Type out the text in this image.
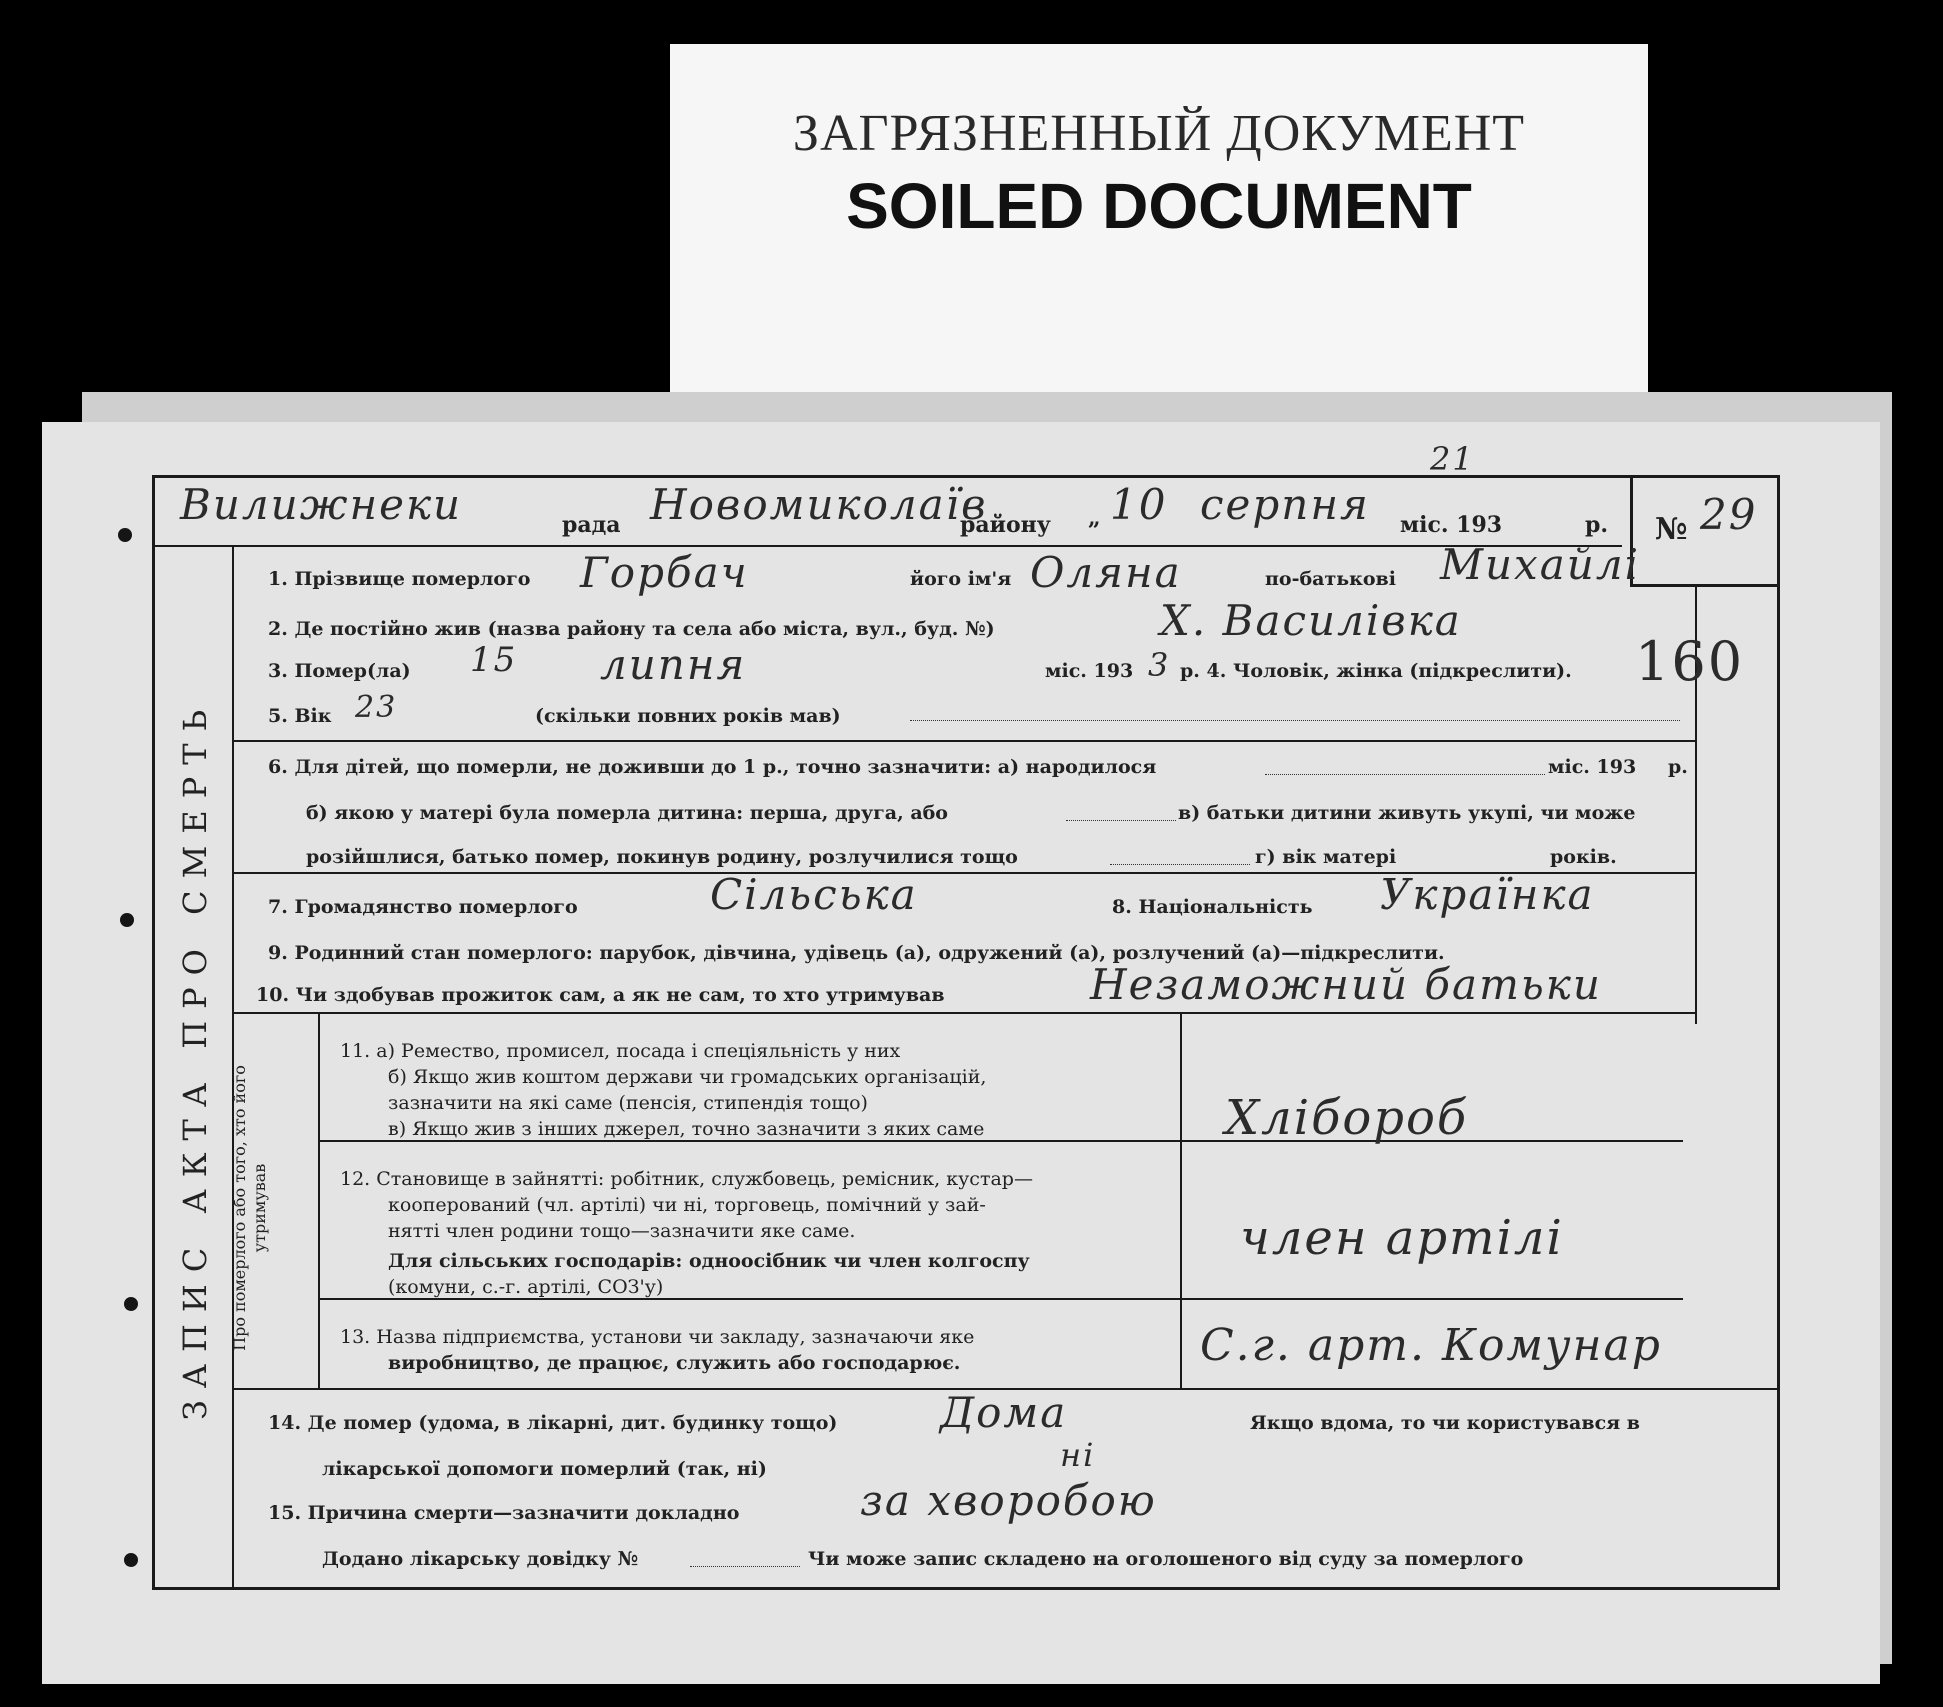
ЗАГРЯЗНЕННЫЙ ДОКУМЕНТ
SOILED DOCUMENT
ЗАПИС АКТА ПРО СМЕРТЬ Про померлого або того, хто його утримував
Вилижнеки	рада Новомиколаїв
району „ 10 серпня
21
міс. 193	р. № 29
1. Прізвище померлого Горбач	його ім'я Оляна	по-батькові Михайлі
2. Де постійно жив (назва району та села або міста, вул., буд. №)	Х. Василівка
3. Помер(ла) 15 липня	міс. 193 3 р. 4. Чоловік, жінка (підкреслити). 160
5. Вік 23	(скільки повних років мав)
6. Для дітей, що померли, не доживши до 1 р., точно зазначити: а) народилося	міс. 193 р.
б) якою у матері була померла дитина: перша, друга, або	в) батьки дитини живуть укупі, чи може
розійшлися, батько помер, покинув родину, розлучилися тощо	г) вік матері	років.
7. Громадянство померлого	Сільська	8. Національність Українка
9. Родинний стан померлого: парубок, дівчина, удівець (а), одружений (а), розлучений (а)—підкреслити.
10. Чи здобував прожиток сам, а як не сам, то хто утримував	Незаможний батьки
11. а) Ремество, промисел, посада і спеціяльність у них
б) Якщо жив коштом держави чи громадських організацій,
зазначити на які саме (пенсія, стипендія тощо)
в) Якщо жив з інших джерел, точно зазначити з яких саме	Хлібороб
12. Становище в зайнятті: робітник, службовець, ремісник, кустар—
кооперований (чл. артілі) чи ні, торговець, помічний у зай-
нятті член родини тощо—зазначити яке саме.
Для сільських господарів: одноосібник чи член колгоспу
(комуни, с.-г. артілі, СОЗ'у)
член артілі
13. Назва підприємства, установи чи закладу, зазначаючи яке
виробництво, де працює, служить або господарює.	С.г. арт. Комунар
14. Де помер (удома, в лікарні, дит. будинку тощо) Дома	Якщо вдома, то чи користувався в
лікарської допомоги померлий (так, ні)	ні
15. Причина смерти—зазначити докладно	за хворобою
Додано лікарську довідку №	Чи може запис складено на оголошеного від суду за померлого
